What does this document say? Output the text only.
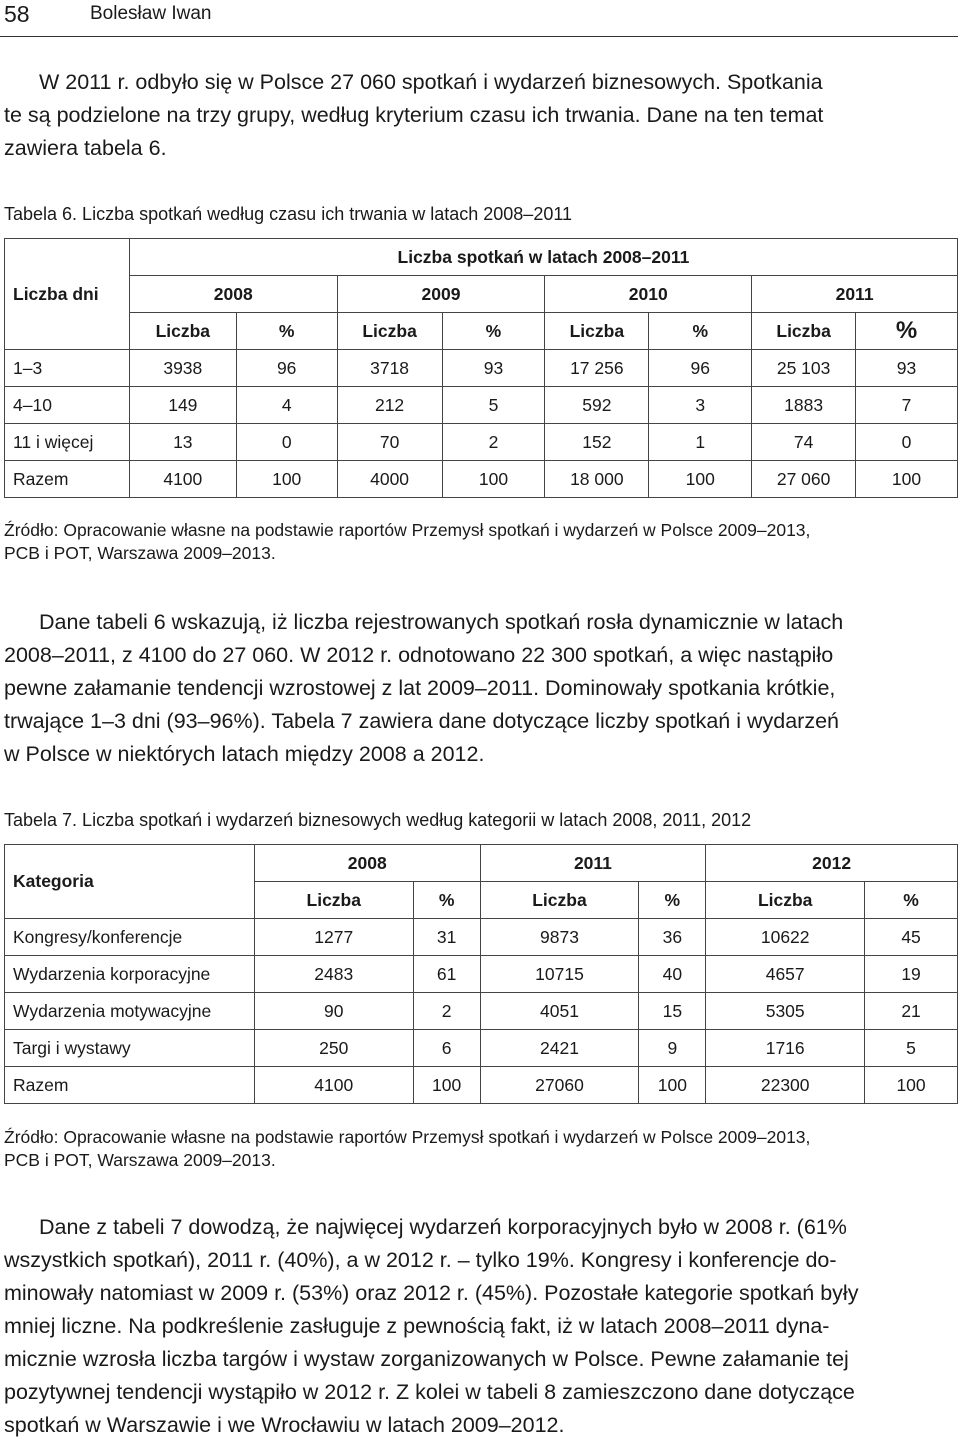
58	Bolesław Iwan

W 2011 r. odbyło się w Polsce 27 060 spotkań i wydarzeń biznesowych. Spotkania
te są podzielone na trzy grupy, według kryterium czasu ich trwania. Dane na ten temat
zawiera tabela 6.

Tabela 6. Liczba spotkań według czasu ich trwania w latach 2008–2011

Liczba dni	Liczba spotkań w latach 2008–2011							
	2008		2009		2010		2011	
	Liczba	%	Liczba	%	Liczba	%	Liczba	%
1–3	3938	96	3718	93	17 256	96	25 103	93
4–10	149	4	212	5	592	3	1883	7
11 i więcej	13	0	70	2	152	1	74	0
Razem	4100	100	4000	100	18 000	100	27 060	100

Źródło: Opracowanie własne na podstawie raportów Przemysł spotkań i wydarzeń w Polsce 2009–2013,
PCB i POT, Warszawa 2009–2013.

Dane tabeli 6 wskazują, iż liczba rejestrowanych spotkań rosła dynamicznie w latach
2008–2011, z 4100 do 27 060. W 2012 r. odnotowano 22 300 spotkań, a więc nastąpiło
pewne załamanie tendencji wzrostowej z lat 2009–2011. Dominowały spotkania krótkie,
trwające 1–3 dni (93–96%). Tabela 7 zawiera dane dotyczące liczby spotkań i wydarzeń
w Polsce w niektórych latach między 2008 a 2012.

Tabela 7. Liczba spotkań i wydarzeń biznesowych według kategorii w latach 2008, 2011, 2012

Kategoria	2008		2011		2012	
	Liczba	%	Liczba	%	Liczba	%
Kongresy/konferencje	1277	31	9873	36	10622	45
Wydarzenia korporacyjne	2483	61	10715	40	4657	19
Wydarzenia motywacyjne	90	2	4051	15	5305	21
Targi i wystawy	250	6	2421	9	1716	5
Razem	4100	100	27060	100	22300	100

Źródło: Opracowanie własne na podstawie raportów Przemysł spotkań i wydarzeń w Polsce 2009–2013,
PCB i POT, Warszawa 2009–2013.

Dane z tabeli 7 dowodzą, że najwięcej wydarzeń korporacyjnych było w 2008 r. (61%
wszystkich spotkań), 2011 r. (40%), a w 2012 r. – tylko 19%. Kongresy i konferencje do-
minowały natomiast w 2009 r. (53%) oraz 2012 r. (45%). Pozostałe kategorie spotkań były
mniej liczne. Na podkreślenie zasługuje z pewnością fakt, iż w latach 2008–2011 dyna-
micznie wzrosła liczba targów i wystaw zorganizowanych w Polsce. Pewne załamanie tej
pozytywnej tendencji wystąpiło w 2012 r. Z kolei w tabeli 8 zamieszczono dane dotyczące
spotkań w Warszawie i we Wrocławiu w latach 2009–2012.
